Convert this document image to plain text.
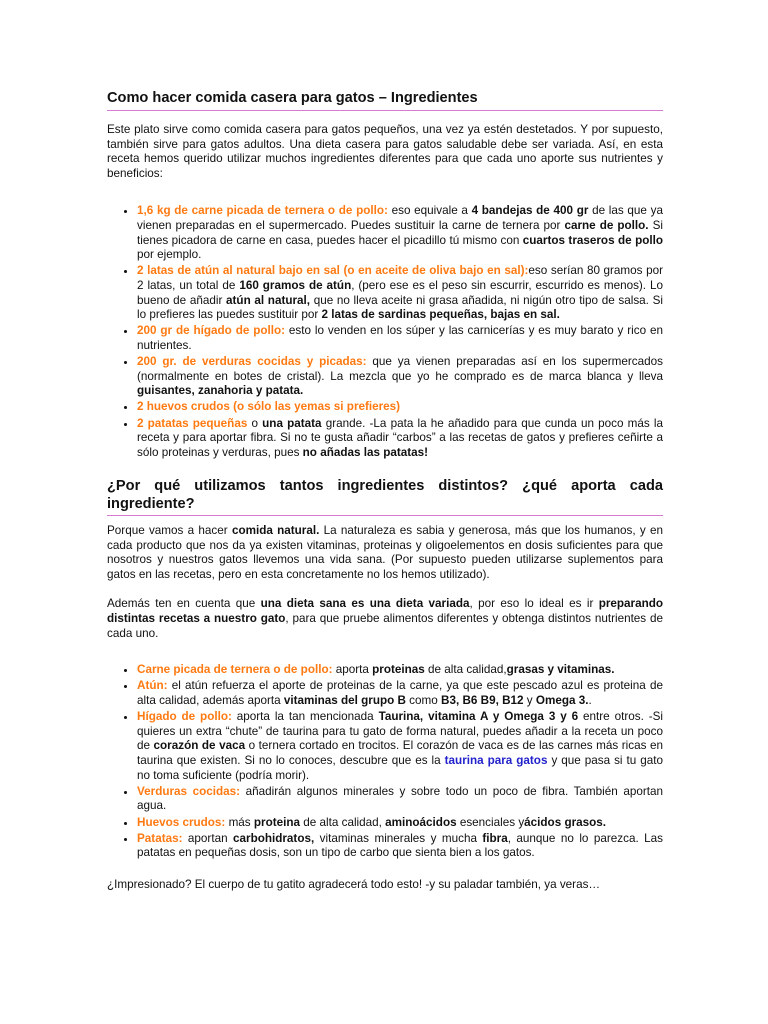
Como hacer comida casera para gatos – Ingredientes

Este plato sirve como comida casera para gatos pequeños, una vez ya estén destetados. Y por supuesto, también sirve para gatos adultos. Una dieta casera para gatos saludable debe ser variada. Así, en esta receta hemos querido utilizar muchos ingredientes diferentes para que cada uno aporte sus nutrientes y beneficios:

• 1,6 kg de carne picada de ternera o de pollo: eso equivale a 4 bandejas de 400 gr de las que ya vienen preparadas en el supermercado. Puedes sustituir la carne de ternera por carne de pollo. Si tienes picadora de carne en casa, puedes hacer el picadillo tú mismo con cuartos traseros de pollo por ejemplo.
• 2 latas de atún al natural bajo en sal (o en aceite de oliva bajo en sal):eso serían 80 gramos por 2 latas, un total de 160 gramos de atún, (pero ese es el peso sin escurrir, escurrido es menos). Lo bueno de añadir atún al natural, que no lleva aceite ni grasa añadida, ni nigún otro tipo de salsa. Si lo prefieres las puedes sustituir por 2 latas de sardinas pequeñas, bajas en sal.
• 200 gr de hígado de pollo: esto lo venden en los súper y las carnicerías y es muy barato y rico en nutrientes.
• 200 gr. de verduras cocidas y picadas: que ya vienen preparadas así en los supermercados (normalmente en botes de cristal). La mezcla que yo he comprado es de marca blanca y lleva guisantes, zanahoria y patata.
• 2 huevos crudos (o sólo las yemas si prefieres)
• 2 patatas pequeñas o una patata grande. -La pata la he añadido para que cunda un poco más la receta y para aportar fibra. Si no te gusta añadir “carbos” a las recetas de gatos y prefieres ceñirte a sólo proteinas y verduras, pues no añadas las patatas!
¿Por qué utilizamos tantos ingredientes distintos? ¿qué aporta cada ingrediente?

Porque vamos a hacer comida natural. La naturaleza es sabia y generosa, más que los humanos, y en cada producto que nos da ya existen vitaminas, proteinas y oligoelementos en dosis suficientes para que nosotros y nuestros gatos llevemos una vida sana. (Por supuesto pueden utilizarse suplementos para gatos en las recetas, pero en esta concretamente no los hemos utilizado).

Además ten en cuenta que una dieta sana es una dieta variada, por eso lo ideal es ir preparando distintas recetas a nuestro gato, para que pruebe alimentos diferentes y obtenga distintos nutrientes de cada uno.

• Carne picada de ternera o de pollo: aporta proteinas de alta calidad,grasas y vitaminas.
• Atún: el atún refuerza el aporte de proteinas de la carne, ya que este pescado azul es proteina de alta calidad, además aporta vitaminas del grupo B como B3, B6 B9, B12 y Omega 3..
• Hígado de pollo: aporta la tan mencionada Taurina, vitamina A y Omega 3 y 6 entre otros. -Si quieres un extra “chute” de taurina para tu gato de forma natural, puedes añadir a la receta un poco de corazón de vaca o ternera cortado en trocitos. El corazón de vaca es de las carnes más ricas en taurina que existen. Si no lo conoces, descubre que es la taurina para gatos y que pasa si tu gato no toma suficiente (podría morir).
• Verduras cocidas: añadirán algunos minerales y sobre todo un poco de fibra. También aportan agua.
• Huevos crudos: más proteina de alta calidad, aminoácidos esenciales yácidos grasos.
• Patatas: aportan carbohidratos, vitaminas minerales y mucha fibra, aunque no lo parezca. Las patatas en pequeñas dosis, son un tipo de carbo que sienta bien a los gatos.

¿Impresionado? El cuerpo de tu gatito agradecerá todo esto! -y su paladar también, ya veras…
